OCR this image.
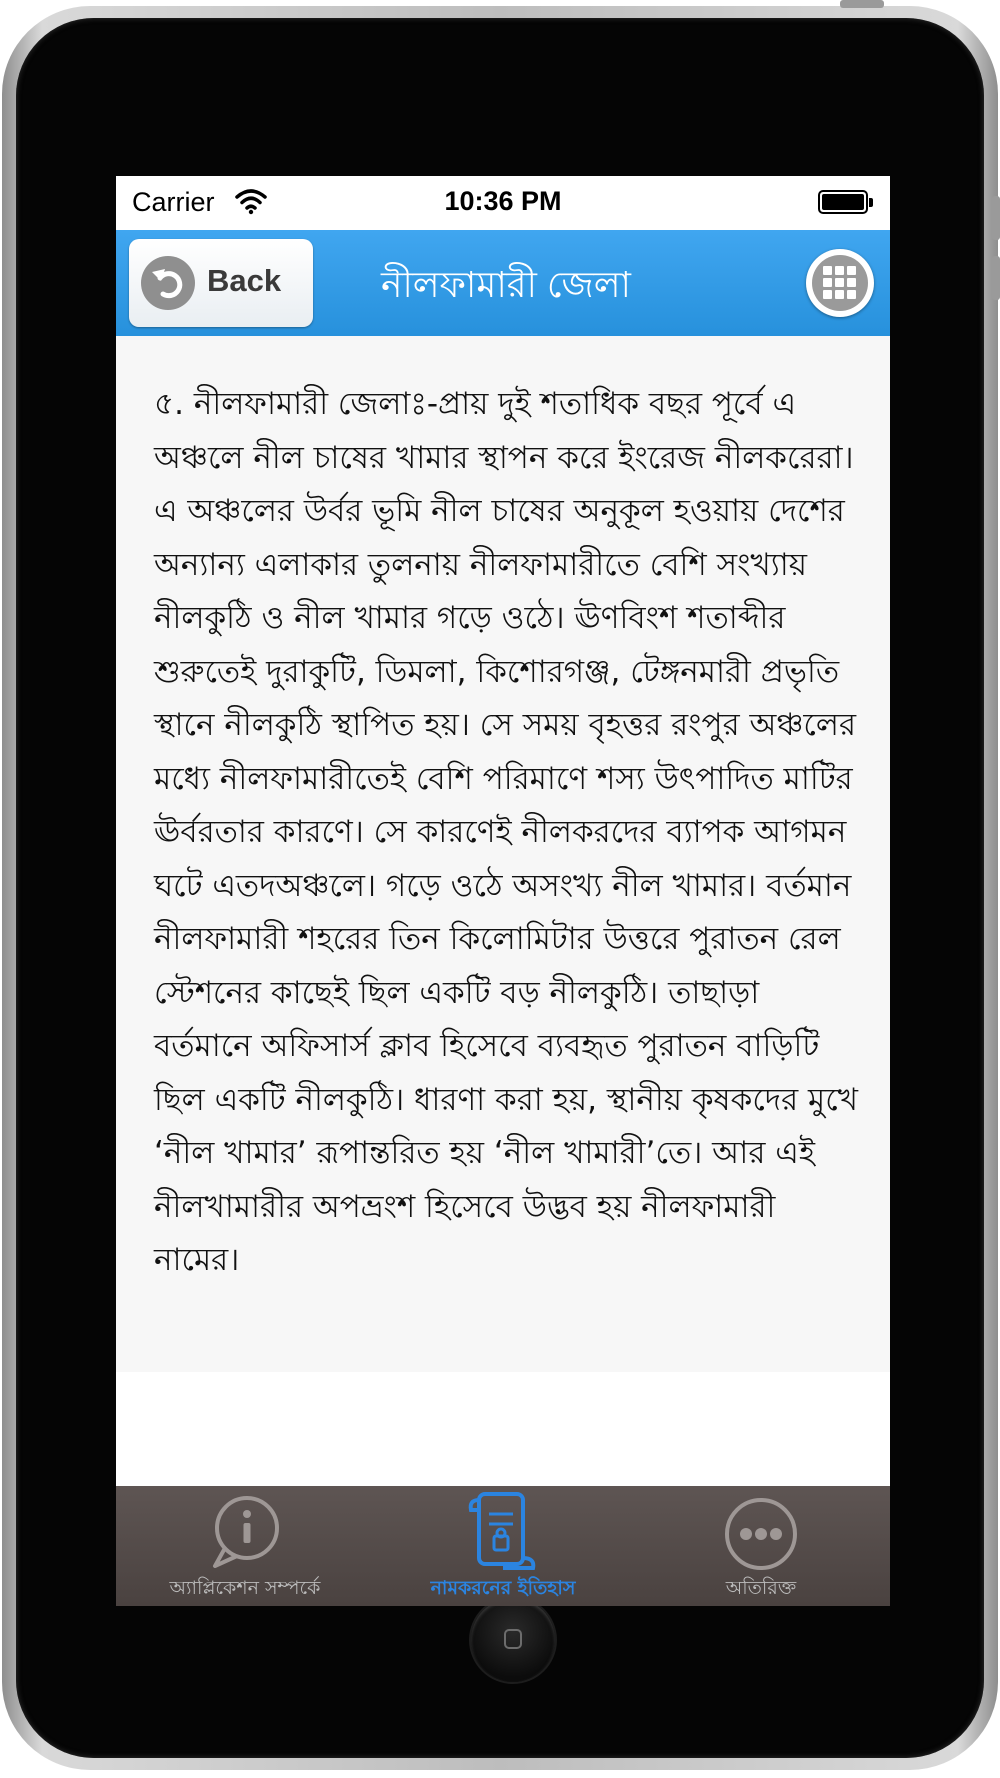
Carrier	10:36 PM
Back	নীলফামারী জেলা

৫. নীলফামারী জেলাঃ-প্রায় দুই শতাধিক বছর পূর্বে এ অঞ্চলে নীল চাষের খামার স্থাপন করে ইংরেজ নীলকরেরা। এ অঞ্চলের উর্বর ভূমি নীল চাষের অনুকূল হওয়ায় দেশের অন্যান্য এলাকার তুলনায় নীলফামারীতে বেশি সংখ্যায় নীলকুঠি ও নীল খামার গড়ে ওঠে। ঊণবিংশ শতাব্দীর শুরুতেই দুরাকুটি, ডিমলা, কিশোরগঞ্জ, টেঙ্গনমারী প্রভৃতি স্থানে নীলকুঠি স্থাপিত হয়। সে সময় বৃহত্তর রংপুর অঞ্চলের মধ্যে নীলফামারীতেই বেশি পরিমাণে শস্য উৎপাদিত মাটির ঊর্বরতার কারণে। সে কারণেই নীলকরদের ব্যাপক আগমন ঘটে এতদঅঞ্চলে। গড়ে ওঠে অসংখ্য নীল খামার। বর্তমান নীলফামারী শহরের তিন কিলোমিটার উত্তরে পুরাতন রেল স্টেশনের কাছেই ছিল একটি বড় নীলকুঠি। তাছাড়া বর্তমানে অফিসার্স ক্লাব হিসেবে ব্যবহৃত পুরাতন বাড়িটি ছিল একটি নীলকুঠি। ধারণা করা হয়, স্থানীয় কৃষকদের মুখে ‘নীল খামার’ রূপান্তরিত হয় ‘নীল খামারী’তে। আর এই নীলখামারীর অপভ্রংশ হিসেবে উদ্ভব হয় নীলফামারী নামের।

অ্যাপ্লিকেশন সম্পর্কে	নামকরনের ইতিহাস	অতিরিক্ত
